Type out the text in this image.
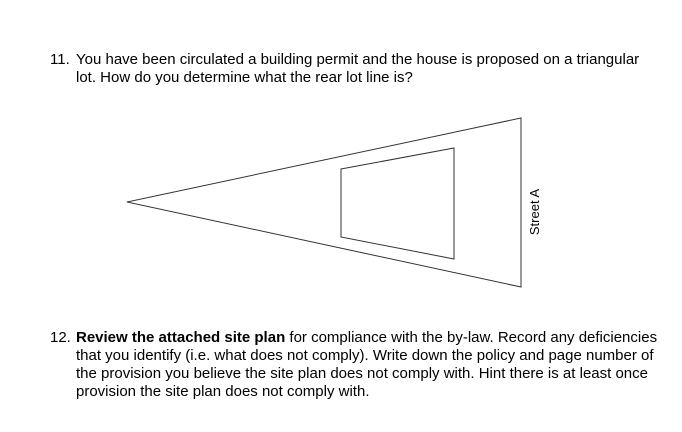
11. You have been circulated a building permit and the house is proposed on a triangular lot. How do you determine what the rear lot line is?
Street A
12. Review the attached site plan for compliance with the by-law. Record any deficiencies that you identify (i.e. what does not comply). Write down the policy and page number of the provision you believe the site plan does not comply with. Hint there is at least once provision the site plan does not comply with.
